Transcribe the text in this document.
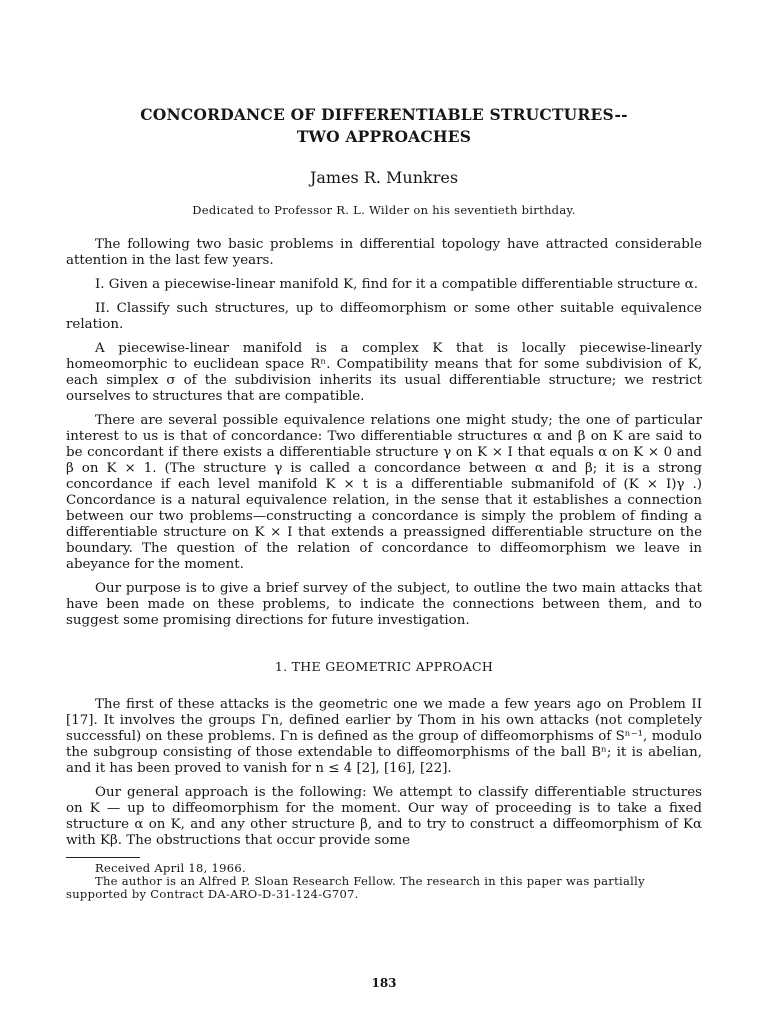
CONCORDANCE OF DIFFERENTIABLE STRUCTURES--
TWO APPROACHES
James R. Munkres
Dedicated to Professor R. L. Wilder on his seventieth birthday.

The following two basic problems in differential topology have attracted considerable attention in the last few years.

I. Given a piecewise-linear manifold K, find for it a compatible differentiable structure α.

II. Classify such structures, up to diffeomorphism or some other suitable equivalence relation.

A piecewise-linear manifold is a complex K that is locally piecewise-linearly homeomorphic to euclidean space Rⁿ. Compatibility means that for some subdivision of K, each simplex σ of the subdivision inherits its usual differentiable structure; we restrict ourselves to structures that are compatible.

There are several possible equivalence relations one might study; the one of particular interest to us is that of concordance: Two differentiable structures α and β on K are said to be concordant if there exists a differentiable structure γ on K × I that equals α on K × 0 and β on K × 1. (The structure γ is called a concordance between α and β; it is a strong concordance if each level manifold K × t is a differentiable submanifold of (K × I)γ .) Concordance is a natural equivalence relation, in the sense that it establishes a connection between our two problems—constructing a concordance is simply the problem of finding a differentiable structure on K × I that extends a preassigned differentiable structure on the boundary. The question of the relation of concordance to diffeomorphism we leave in abeyance for the moment.

Our purpose is to give a brief survey of the subject, to outline the two main attacks that have been made on these problems, to indicate the connections between them, and to suggest some promising directions for future investigation.

1. THE GEOMETRIC APPROACH

The first of these attacks is the geometric one we made a few years ago on Problem II [17]. It involves the groups Γn, defined earlier by Thom in his own attacks (not completely successful) on these problems. Γn is defined as the group of diffeomorphisms of Sⁿ⁻¹, modulo the subgroup consisting of those extendable to diffeomorphisms of the ball Bⁿ; it is abelian, and it has been proved to vanish for n ≤ 4 [2], [16], [22].

Our general approach is the following: We attempt to classify differentiable structures on K — up to diffeomorphism for the moment. Our way of proceeding is to take a fixed structure α on K, and any other structure β, and to try to construct a diffeomorphism of Kα with Kβ. The obstructions that occur provide some

Received April 18, 1966.

The author is an Alfred P. Sloan Research Fellow. The research in this paper was partially supported by Contract DA-ARO-D-31-124-G707.

183
